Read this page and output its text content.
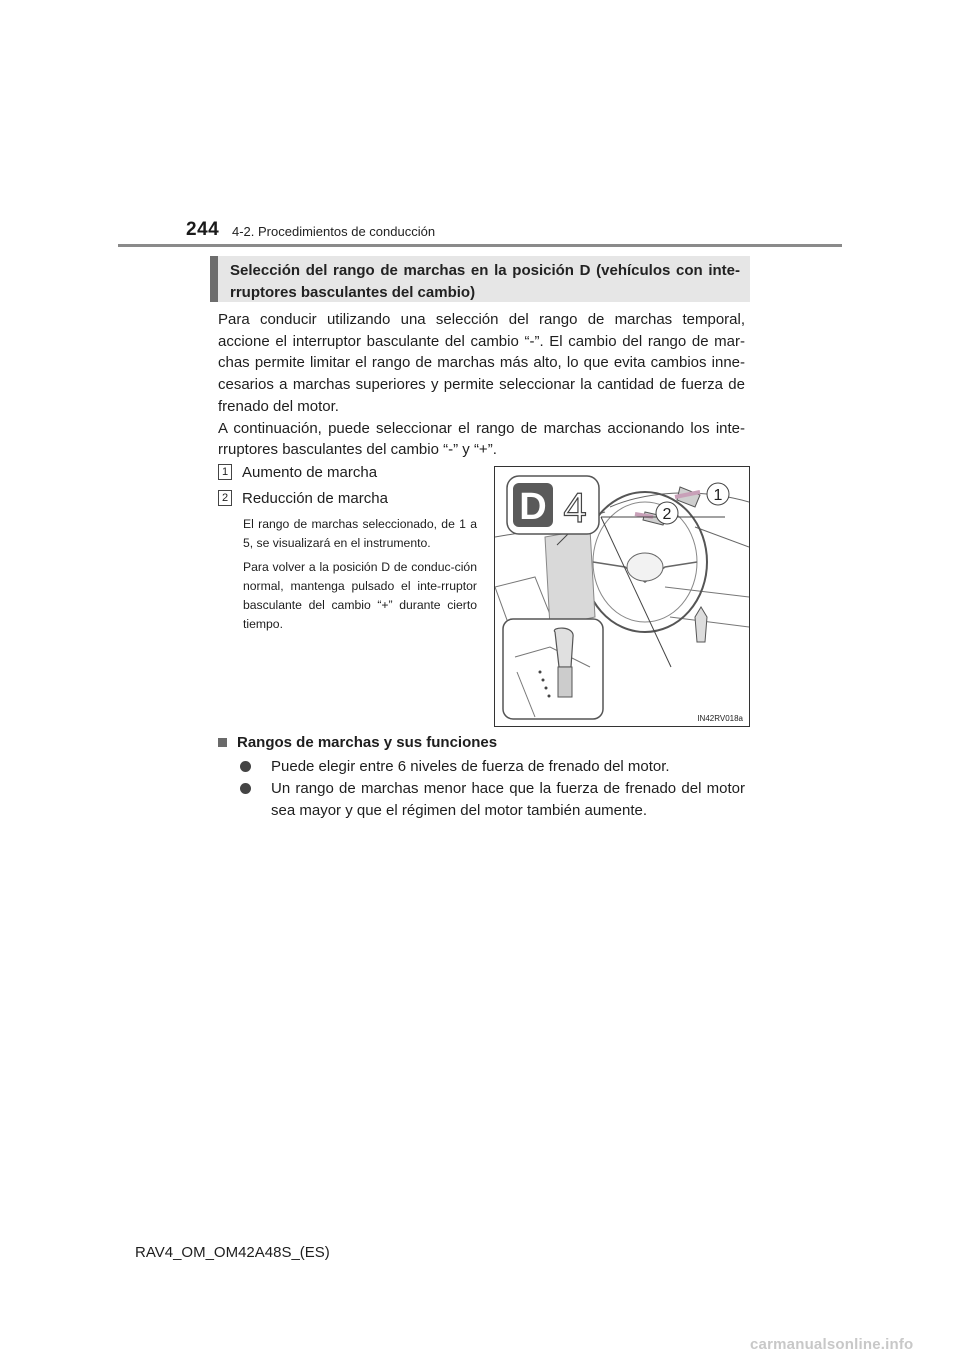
244 4-2. Procedimientos de conducción
Selección del rango de marchas en la posición D (vehículos con inte-rruptores basculantes del cambio)

Para conducir utilizando una selección del rango de marchas temporal, accione el interruptor basculante del cambio “-”. El cambio del rango de mar-chas permite limitar el rango de marchas más alto, lo que evita cambios inne-cesarios a marchas superiores y permite seleccionar la cantidad de fuerza de frenado del motor.

A continuación, puede seleccionar el rango de marchas accionando los inte-rruptores basculantes del cambio “-” y “+”.

1 Aumento de marcha
2 Reducción de marcha
El rango de marchas seleccionado, de 1 a 5, se visualizará en el instrumento.
Para volver a la posición D de conduc-ción normal, mantenga pulsado el inte-rruptor basculante del cambio “+” durante cierto tiempo.
D 4	1
2
IN42RV018a
Rangos de marchas y sus funciones
Puede elegir entre 6 niveles de fuerza de frenado del motor.
Un rango de marchas menor hace que la fuerza de frenado del motor sea mayor y que el régimen del motor también aumente.
RAV4_OM_OM42A48S_(ES)
carmanualsonline.info
